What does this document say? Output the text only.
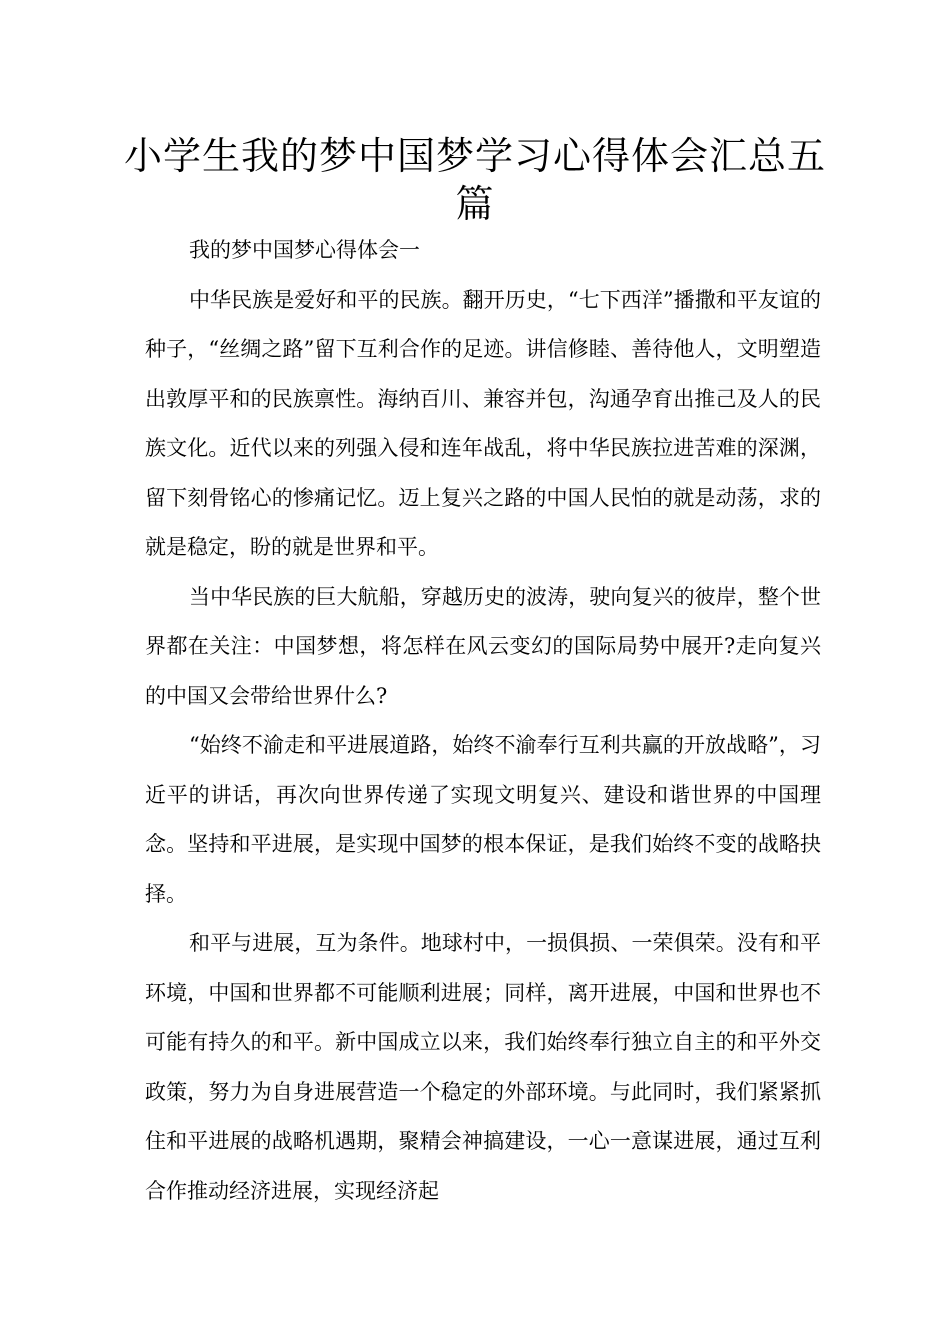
小学生我的梦中国梦学习心得体会汇总五篇

我的梦中国梦心得体会一

中华民族是爱好和平的民族。翻开历史，“七下西洋”播撒和平友谊的种子，“丝绸之路”留下互利合作的足迹。讲信修睦、善待他人，文明塑造出敦厚平和的民族禀性。海纳百川、兼容并包，沟通孕育出推己及人的民族文化。近代以来的列强入侵和连年战乱，将中华民族拉进苦难的深渊，留下刻骨铭心的惨痛记忆。迈上复兴之路的中国人民怕的就是动荡，求的就是稳定，盼的就是世界和平。

当中华民族的巨大航船，穿越历史的波涛，驶向复兴的彼岸，整个世界都在关注：中国梦想，将怎样在风云变幻的国际局势中展开?走向复兴的中国又会带给世界什么?

“始终不渝走和平进展道路，始终不渝奉行互利共赢的开放战略”，习近平的讲话，再次向世界传递了实现文明复兴、建设和谐世界的中国理念。坚持和平进展，是实现中国梦的根本保证，是我们始终不变的战略抉择。

和平与进展，互为条件。地球村中，一损俱损、一荣俱荣。没有和平环境，中国和世界都不可能顺利进展；同样，离开进展，中国和世界也不可能有持久的和平。新中国成立以来，我们始终奉行独立自主的和平外交政策，努力为自身进展营造一个稳定的外部环境。与此同时，我们紧紧抓住和平进展的战略机遇期，聚精会神搞建设，一心一意谋进展，通过互利合作推动经济进展，实现经济起
